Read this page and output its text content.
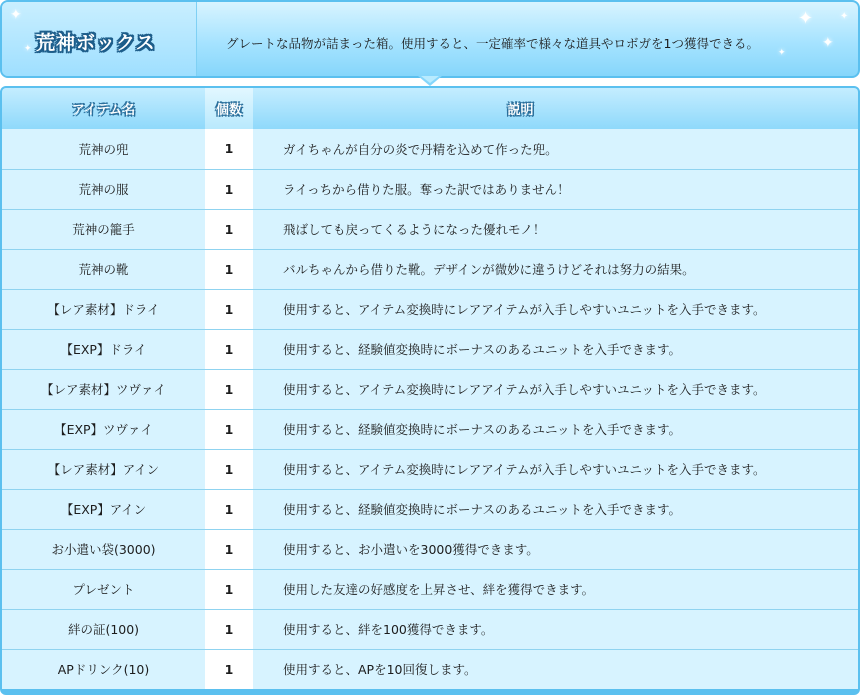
荒神ボックス	グレートな品物が詰まった箱。使用すると、一定確率で様々な道具やロボガを1つ獲得できる。
✦
✦
✦
✦
✦
✦
アイテム名	個数	説明
荒神の兜	1	ガイちゃんが自分の炎で丹精を込めて作った兜。
荒神の服	1	ライっちから借りた服。奪った訳ではありません！
荒神の籠手	1	飛ばしても戻ってくるようになった優れモノ！
荒神の靴	1	バルちゃんから借りた靴。デザインが微妙に違うけどそれは努力の結果。
【レア素材】ドライ	1	使用すると、アイテム変換時にレアアイテムが入手しやすいユニットを入手できます。
【EXP】ドライ	1	使用すると、経験値変換時にボーナスのあるユニットを入手できます。
【レア素材】ツヴァイ	1	使用すると、アイテム変換時にレアアイテムが入手しやすいユニットを入手できます。
【EXP】ツヴァイ	1	使用すると、経験値変換時にボーナスのあるユニットを入手できます。
【レア素材】アイン	1	使用すると、アイテム変換時にレアアイテムが入手しやすいユニットを入手できます。
【EXP】アイン	1	使用すると、経験値変換時にボーナスのあるユニットを入手できます。
お小遣い袋(3000)	1	使用すると、お小遣いを3000獲得できます。
プレゼント	1	使用した友達の好感度を上昇させ、絆を獲得できます。
絆の証(100)	1	使用すると、絆を100獲得できます。
APドリンク(10)	1	使用すると、APを10回復します。
